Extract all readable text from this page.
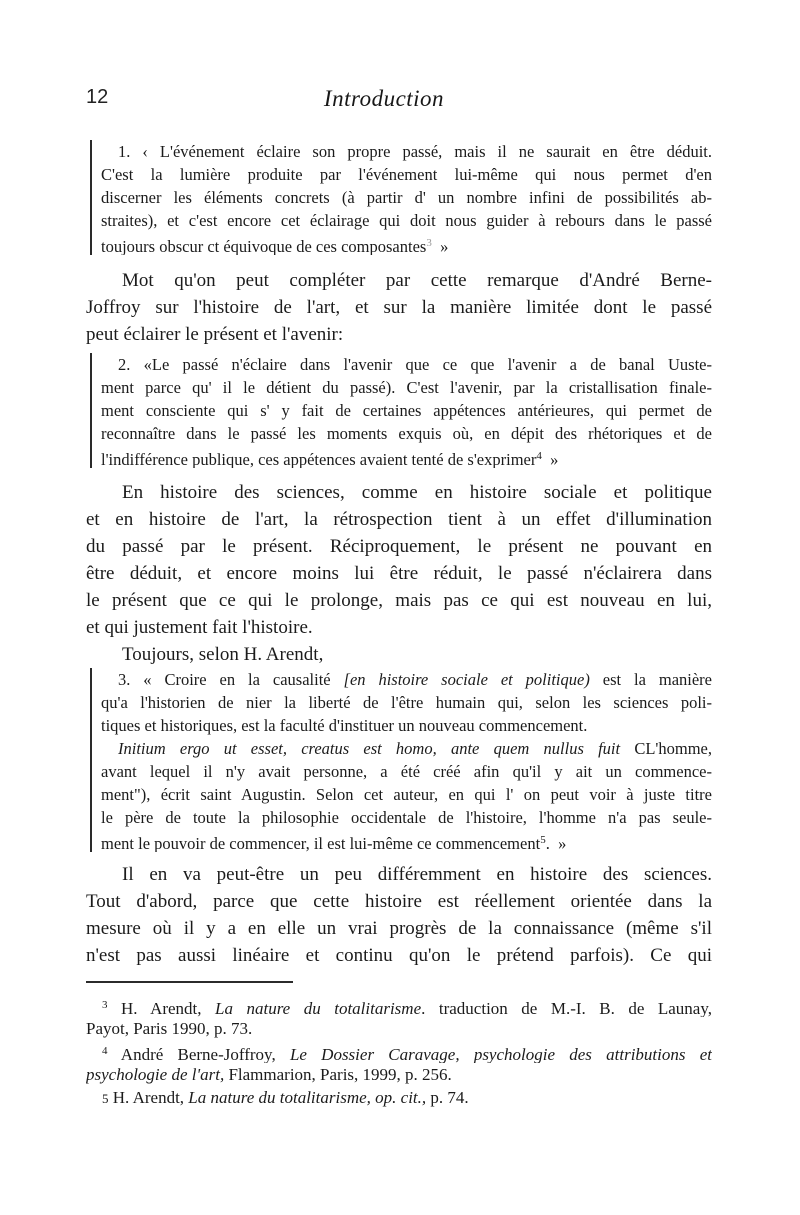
12	Introduction
1. ‹ L'événement éclaire son propre passé, mais il ne saurait en être déduit.
C'est la lumière produite par l'événement lui-même qui nous permet d'en
discerner les éléments concrets (à partir d' un nombre infini de possibilités ab-
straites), et c'est encore cet éclairage qui doit nous guider à rebours dans le passé
toujours obscur ct équivoque de ces composantes$^3$ »
Mot qu'on peut compléter par cette remarque d'André Berne-
Joffroy sur l'histoire de l'art, et sur la manière limitée dont le passé
peut éclairer le présent et l'avenir:
2. «Le passé n'éclaire dans l'avenir que ce que l'avenir a de banal Uuste-
ment parce qu' il le détient du passé). C'est l'avenir, par la cristallisation finale-
ment consciente qui s' y fait de certaines appétences antérieures, qui permet de
reconnaître dans le passé les moments exquis où, en dépit des rhétoriques et de
l'indifférence publique, ces appétences avaient tenté de s'exprimer$^4$ »
En histoire des sciences, comme en histoire sociale et politique
et en histoire de l'art, la rétrospection tient à un effet d'illumination
du passé par le présent. Réciproquement, le présent ne pouvant en
être déduit, et encore moins lui être réduit, le passé n'éclairera dans
le présent que ce qui le prolonge, mais pas ce qui est nouveau en lui,
et qui justement fait l'histoire.
Toujours, selon H. Arendt,
3. « Croire en la causalité [en histoire sociale et politique) est la manière
qu'a l'historien de nier la liberté de l'être humain qui, selon les sciences poli-
tiques et historiques, est la faculté d'instituer un nouveau commencement.
Initium ergo ut esset, creatus est homo, ante quem nullus fuit CL'homme,
avant lequel il n'y avait personne, a été créé afin qu'il y ait un commence-
ment"), écrit saint Augustin. Selon cet auteur, en qui l' on peut voir à juste titre
le père de toute la philosophie occidentale de l'histoire, l'homme n'a pas seule-
ment le pouvoir de commencer, il est lui-même ce commencement$^5$. »
Il en va peut-être un peu différemment en histoire des sciences.
Tout d'abord, parce que cette histoire est réellement orientée dans la
mesure où il y a en elle un vrai progrès de la connaissance (même s'il
n'est pas aussi linéaire et continu qu'on le prétend parfois). Ce qui
$^3$ H. Arendt, La nature du totalitarisme. traduction de M.-I. B. de Launay,
Payot, Paris 1990, p. 73.
$^4$ André Berne-Joffroy, Le Dossier Caravage, psychologie des attributions et
psychologie de l'art, Flammarion, Paris, 1999, p. 256.
5 H. Arendt, La nature du totalitarisme, op. cit., p. 74.
